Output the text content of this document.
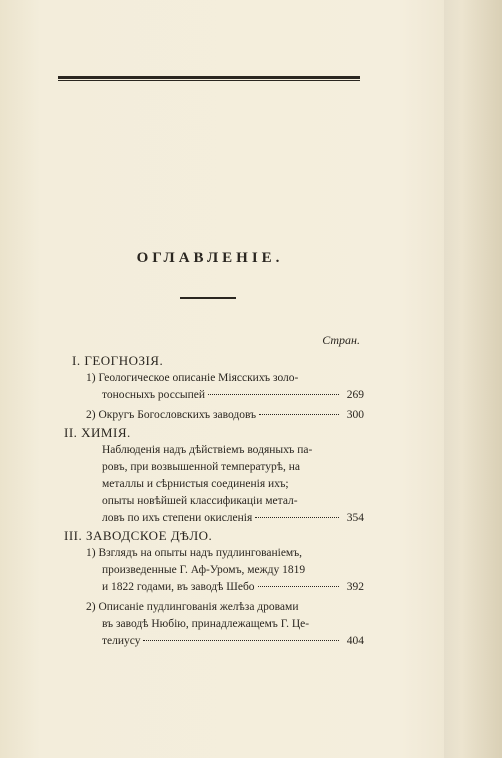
ОГЛАВЛЕНІЕ.
Стран.
I. ГЕОГНОЗІЯ.
1) Геологическое описаніе Міясскихъ золо-
тоносныхъ россыпей	269
2) Округъ Богословскихъ заводовъ	300
II. ХИМІЯ.
Наблюденія надъ дѣйствіемъ водяныхъ па-
ровъ, при возвышенной температурѣ, на
металлы и сѣрнистыя соединенія ихъ;
опыты новѣйшей классификаціи метал-
ловъ по ихъ степени окисленія	354
III. ЗАВОДСКОЕ ДѢЛО.
1) Взглядъ на опыты надъ пудлингованіемъ,
произведенные Г. Аф-Уромъ, между 1819
и 1822 годами, въ заводѣ Шебо	392
2) Описаніе пудлингованія желѣза дровами
въ заводѣ Нюбію, принадлежащемъ Г. Це-
телиусу	404
